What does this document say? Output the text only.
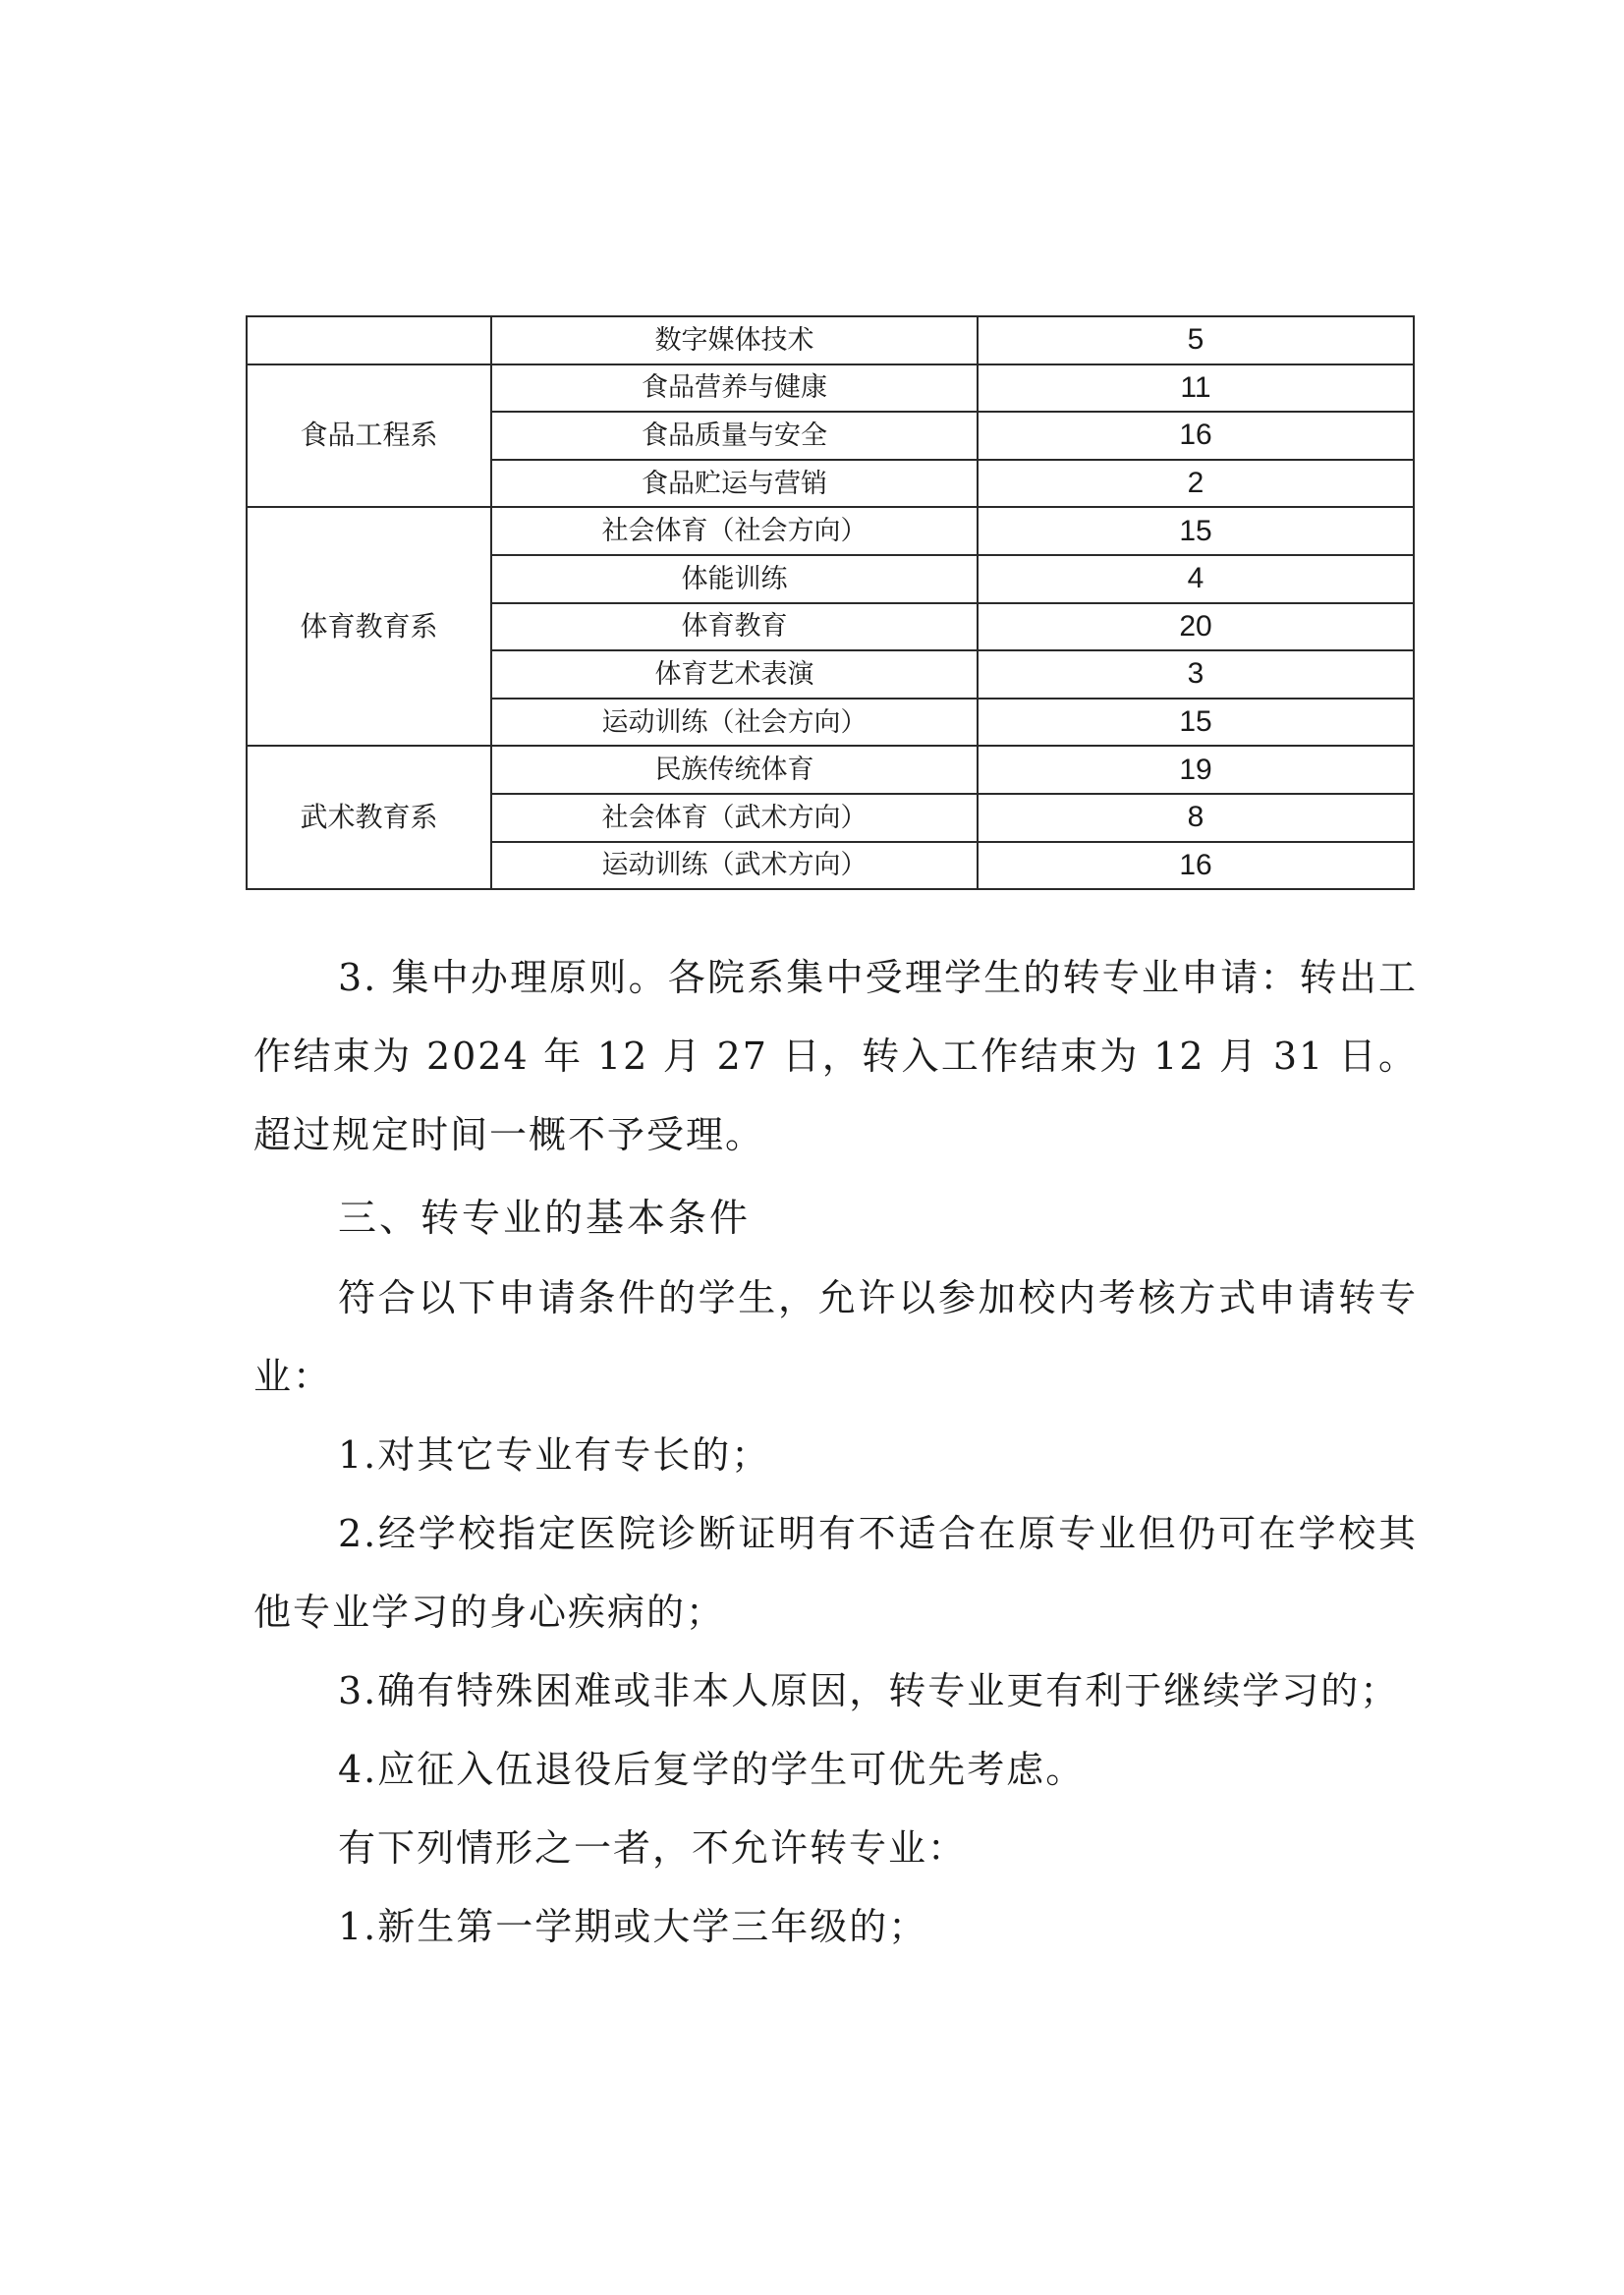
	数字媒体技术	5
食品工程系	食品营养与健康	11
	食品质量与安全	16
	食品贮运与营销	2
体育教育系	社会体育（社会方向）	15
	体能训练	4
	体育教育	20
	体育艺术表演	3
	运动训练（社会方向）	15
武术教育系	民族传统体育	19
	社会体育（武术方向）	8
	运动训练（武术方向）	16

3. 集中办理原则。各院系集中受理学生的转专业申请：转出工作结束为 2024 年 12 月 27 日，转入工作结束为 12 月 31 日。超过规定时间一概不予受理。

三、转专业的基本条件

符合以下申请条件的学生，允许以参加校内考核方式申请转专业：

1.对其它专业有专长的；

2.经学校指定医院诊断证明有不适合在原专业但仍可在学校其他专业学习的身心疾病的；

3.确有特殊困难或非本人原因，转专业更有利于继续学习的；

4.应征入伍退役后复学的学生可优先考虑。

有下列情形之一者，不允许转专业：

1.新生第一学期或大学三年级的；
